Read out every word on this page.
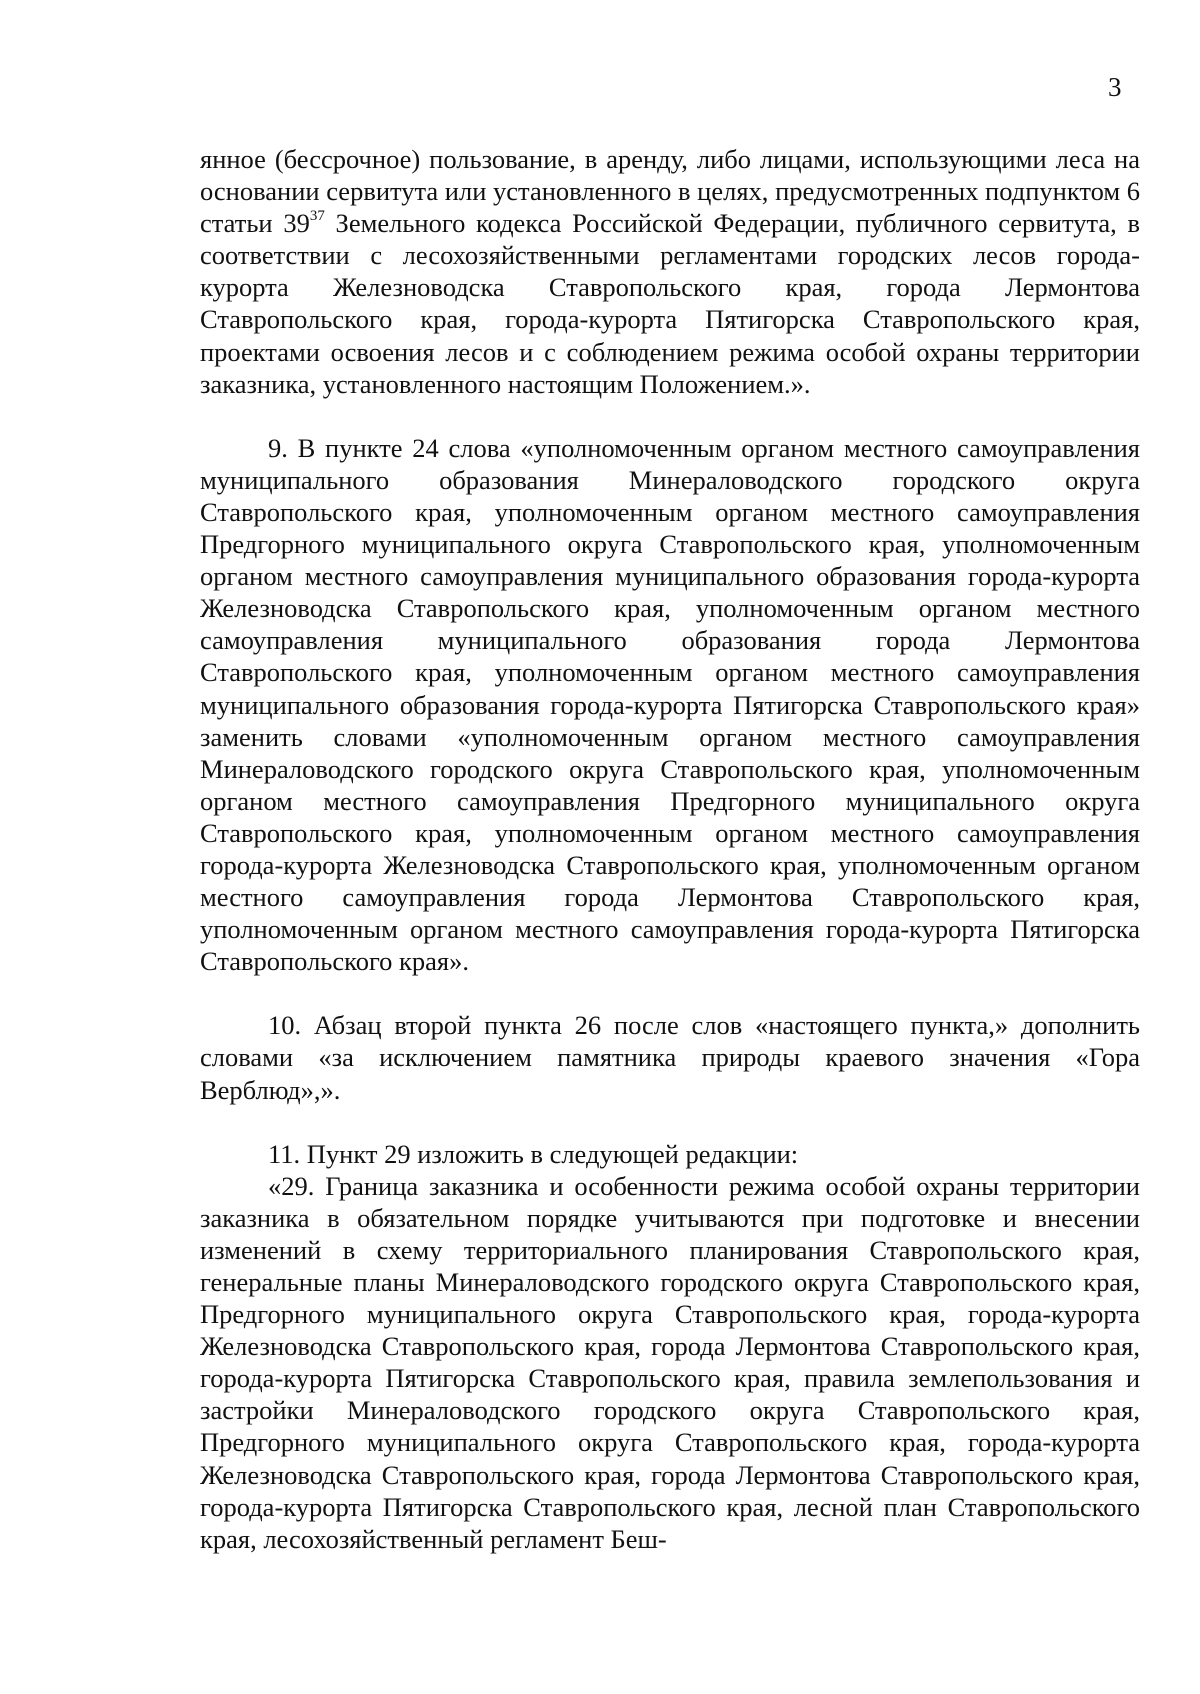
3

янное (бессрочное) пользование, в аренду, либо лицами, использующими леса на основании сервитута или установленного в целях, предусмотренных подпунктом 6 статьи $39^{37}$ Земельного кодекса Российской Федерации, публичного сервитута, в соответствии с лесохозяйственными регламентами городских лесов города-курорта Железноводска Ставропольского края, города Лермонтова Ставропольского края, города-курорта Пятигорска Ставропольского края, проектами освоения лесов и с соблюдением режима особой охраны территории заказника, установленного настоящим Положением.».

9. В пункте 24 слова «уполномоченным органом местного самоуправления муниципального образования Минераловодского городского округа Ставропольского края, уполномоченным органом местного самоуправления Предгорного муниципального округа Ставропольского края, уполномоченным органом местного самоуправления муниципального образования города-курорта Железноводска Ставропольского края, уполномоченным органом местного самоуправления муниципального образования города Лермонтова Ставропольского края, уполномоченным органом местного самоуправления муниципального образования города-курорта Пятигорска Ставропольского края» заменить словами «уполномоченным органом местного самоуправления Минераловодского городского округа Ставропольского края, уполномоченным органом местного самоуправления Предгорного муниципального округа Ставропольского края, уполномоченным органом местного самоуправления города-курорта Железноводска Ставропольского края, уполномоченным органом местного самоуправления города Лермонтова Ставропольского края, уполномоченным органом местного самоуправления города-курорта Пятигорска Ставропольского края».

10. Абзац второй пункта 26 после слов «настоящего пункта,» дополнить словами «за исключением памятника природы краевого значения «Гора Верблюд»,».

11. Пункт 29 изложить в следующей редакции:

«29. Граница заказника и особенности режима особой охраны территории заказника в обязательном порядке учитываются при подготовке и внесении изменений в схему территориального планирования Ставропольского края, генеральные планы Минераловодского городского округа Ставропольского края, Предгорного муниципального округа Ставропольского края, города-курорта Железноводска Ставропольского края, города Лермонтова Ставропольского края, города-курорта Пятигорска Ставропольского края, правила землепользования и застройки Минераловодского городского округа Ставропольского края, Предгорного муниципального округа Ставропольского края, города-курорта Железноводска Ставропольского края, города Лермонтова Ставропольского края, города-курорта Пятигорска Ставропольского края, лесной план Ставропольского края, лесохозяйственный регламент Беш-
